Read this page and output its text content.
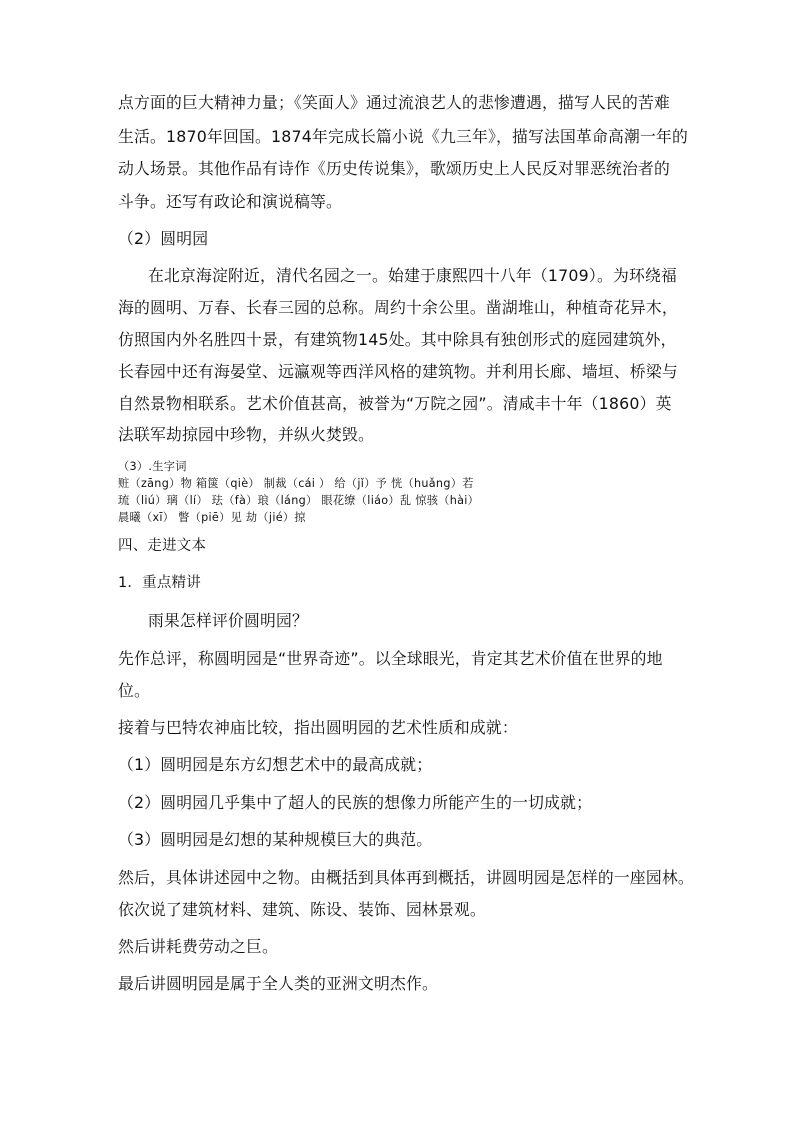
点方面的巨大精神力量；《笑面人》通过流浪艺人的悲惨遭遇，描写人民的苦难

生活。1870年回国。1874年完成长篇小说《九三年》，描写法国革命高潮一年的

动人场景。其他作品有诗作《历史传说集》，歌颂历史上人民反对罪恶统治者的

斗争。还写有政论和演说稿等。

（2）圆明园

在北京海淀附近，清代名园之一。始建于康熙四十八年（1709）。为环绕福

海的圆明、万春、长春三园的总称。周约十余公里。凿湖堆山，种植奇花异木，

仿照国内外名胜四十景，有建筑物145处。其中除具有独创形式的庭园建筑外，

长春园中还有海晏堂、远瀛观等西洋风格的建筑物。并利用长廊、墙垣、桥梁与

自然景物相联系。艺术价值甚高，被誉为“万院之园”。清咸丰十年（1860）英

法联军劫掠园中珍物，并纵火焚毁。

（3）.生字词

赃（zāng）物 箱箧（qiè） 制裁（cái ） 给（jǐ）予 恍（huǎng）若

琉（liú）璃（lí） 珐（fà）琅（láng） 眼花缭（liáo）乱 惊骇（hài）

晨曦（xī） 瞥（piē）见 劫（jié）掠

四、走进文本

1．重点精讲

雨果怎样评价圆明园？

先作总评，称圆明园是“世界奇迹”。以全球眼光，肯定其艺术价值在世界的地

位。

接着与巴特农神庙比较，指出圆明园的艺术性质和成就：

（1）圆明园是东方幻想艺术中的最高成就；

（2）圆明园几乎集中了超人的民族的想像力所能产生的一切成就；

（3）圆明园是幻想的某种规模巨大的典范。

然后，具体讲述园中之物。由概括到具体再到概括，讲圆明园是怎样的一座园林。

依次说了建筑材料、建筑、陈设、装饰、园林景观。

然后讲耗费劳动之巨。

最后讲圆明园是属于全人类的亚洲文明杰作。
